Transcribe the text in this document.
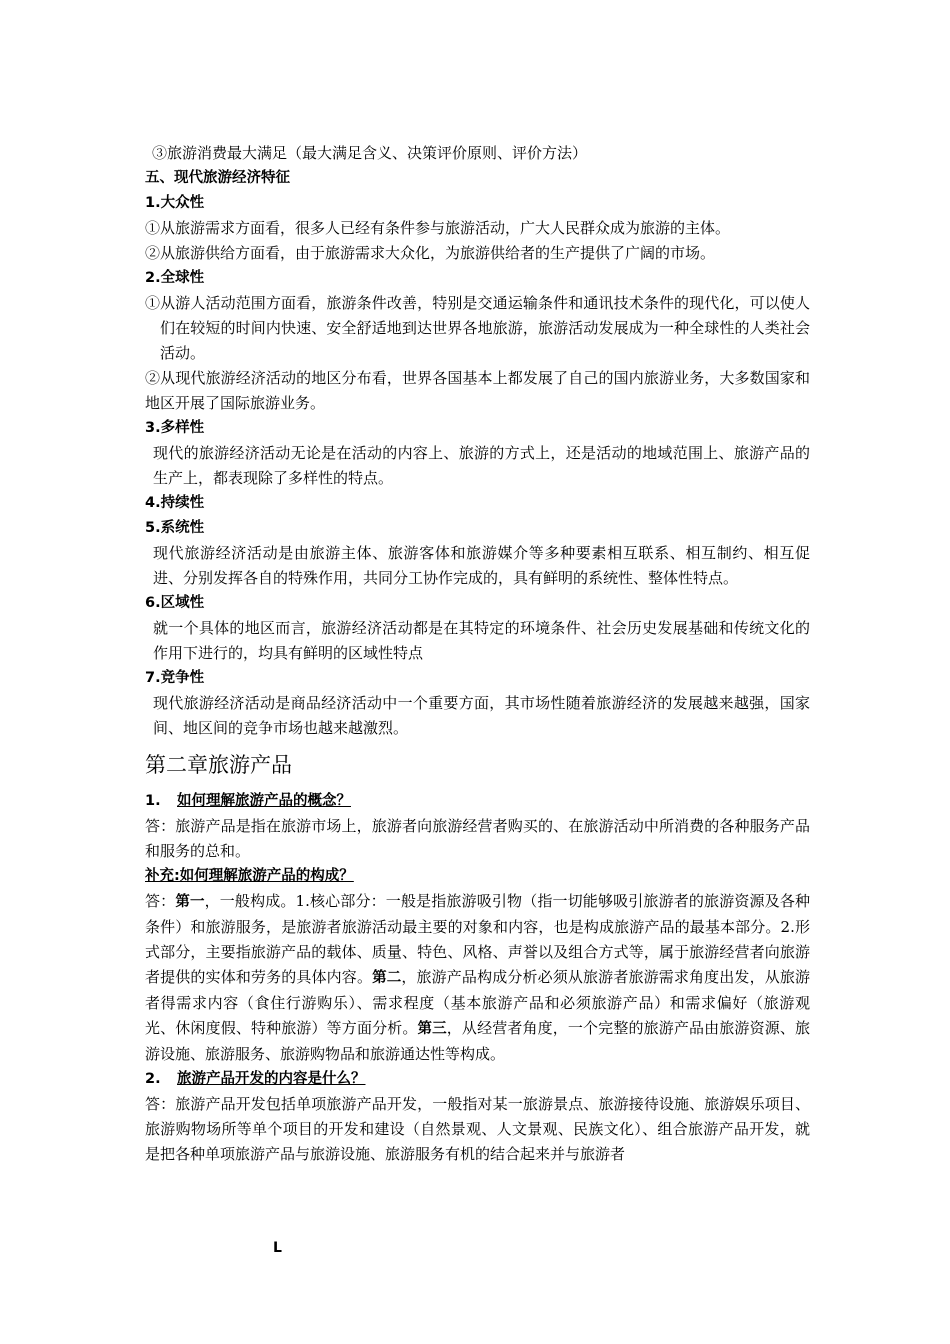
③旅游消费最大满足（最大满足含义、决策评价原则、评价方法）

五、现代旅游经济特征

1.大众性

①从旅游需求方面看，很多人已经有条件参与旅游活动，广大人民群众成为旅游的主体。

②从旅游供给方面看，由于旅游需求大众化，为旅游供给者的生产提供了广阔的市场。

2.全球性

①从游人活动范围方面看，旅游条件改善，特别是交通运输条件和通讯技术条件的现代化，可以使人们在较短的时间内快速、安全舒适地到达世界各地旅游，旅游活动发展成为一种全球性的人类社会活动。

②从现代旅游经济活动的地区分布看，世界各国基本上都发展了自己的国内旅游业务，大多数国家和地区开展了国际旅游业务。

3.多样性

现代的旅游经济活动无论是在活动的内容上、旅游的方式上，还是活动的地域范围上、旅游产品的生产上，都表现除了多样性的特点。

4.持续性

5.系统性

现代旅游经济活动是由旅游主体、旅游客体和旅游媒介等多种要素相互联系、相互制约、相互促进、分别发挥各自的特殊作用，共同分工协作完成的，具有鲜明的系统性、整体性特点。

6.区域性

就一个具体的地区而言，旅游经济活动都是在其特定的环境条件、社会历史发展基础和传统文化的作用下进行的，均具有鲜明的区域性特点

7.竞争性

现代旅游经济活动是商品经济活动中一个重要方面，其市场性随着旅游经济的发展越来越强，国家间、地区间的竞争市场也越来越激烈。

第二章旅游产品

1. 如何理解旅游产品的概念？

答：旅游产品是指在旅游市场上，旅游者向旅游经营者购买的、在旅游活动中所消费的各种服务产品和服务的总和。

补充:如何理解旅游产品的构成？

答：第一，一般构成。1.核心部分：一般是指旅游吸引物（指一切能够吸引旅游者的旅游资源及各种条件）和旅游服务，是旅游者旅游活动最主要的对象和内容，也是构成旅游产品的最基本部分。2.形式部分，主要指旅游产品的载体、质量、特色、风格、声誉以及组合方式等，属于旅游经营者向旅游者提供的实体和劳务的具体内容。第二，旅游产品构成分析必须从旅游者旅游需求角度出发，从旅游者得需求内容（食住行游购乐）、需求程度（基本旅游产品和必须旅游产品）和需求偏好（旅游观光、休闲度假、特种旅游）等方面分析。第三，从经营者角度，一个完整的旅游产品由旅游资源、旅游设施、旅游服务、旅游购物品和旅游通达性等构成。

2. 旅游产品开发的内容是什么？

答：旅游产品开发包括单项旅游产品开发，一般指对某一旅游景点、旅游接待设施、旅游娱乐项目、旅游购物场所等单个项目的开发和建设（自然景观、人文景观、民族文化）、组合旅游产品开发，就是把各种单项旅游产品与旅游设施、旅游服务有机的结合起来并与旅游者

L
